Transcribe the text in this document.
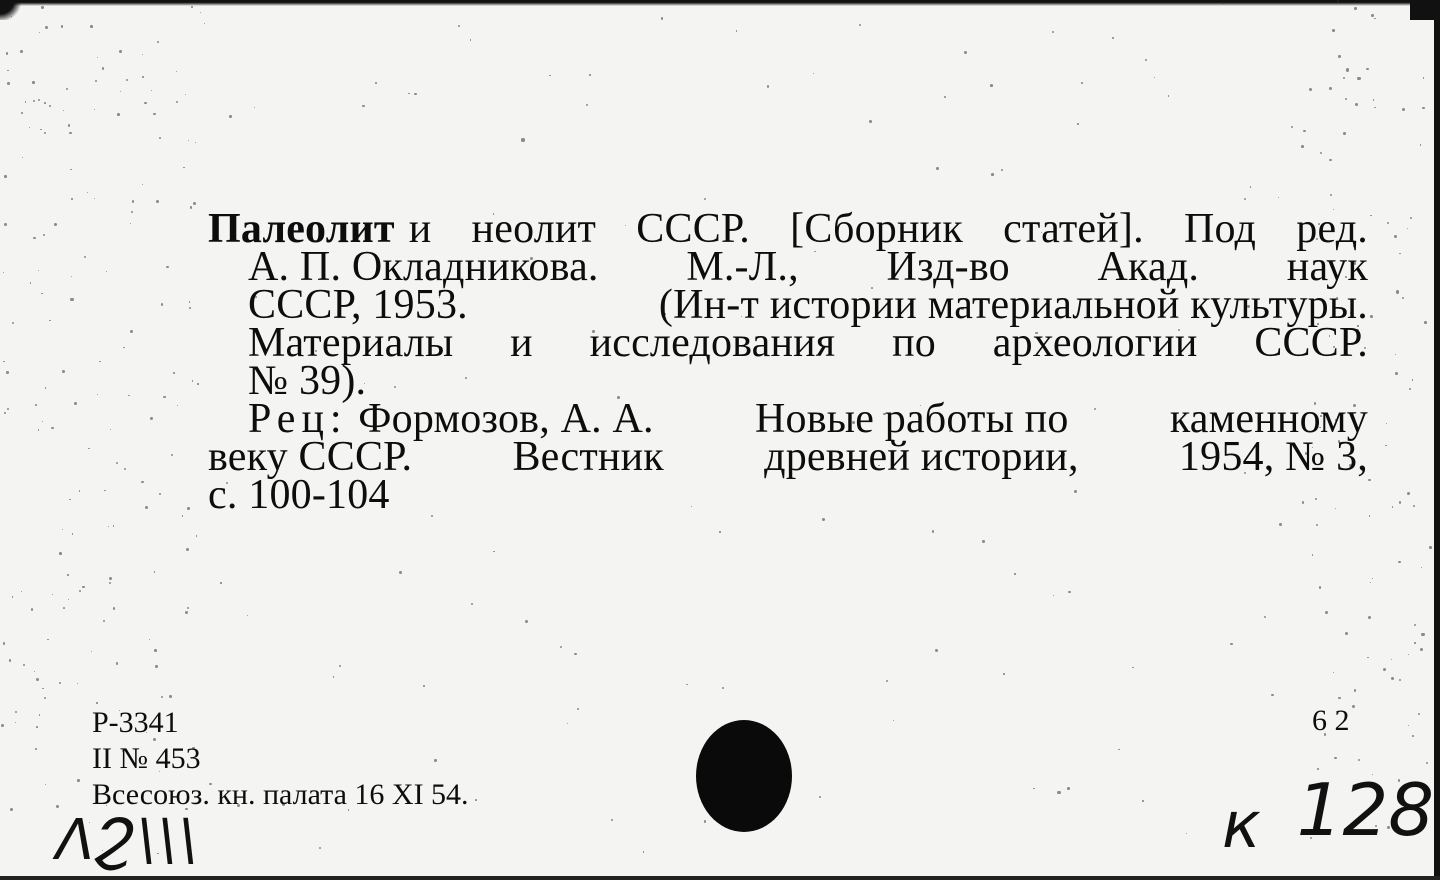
Палеолит и неолит СССР. [Сборник статей]. Под ред.
А. П. Окладникова. М.-Л., Изд-во Акад. наук
СССР, 1953.	(Ин-т истории материальной культуры.
Материалы и исследования по археологии СССР.
№ 39).
Рец: Формозов, А. А. Новые работы по каменному
веку СССР. Вестник древней истории, 1954, № 3,
с. 100-104
Р-3341
II № 453
Всесоюз. кн. палата 16 XI 54.
6 2
ΛϨ\\\	к 128
